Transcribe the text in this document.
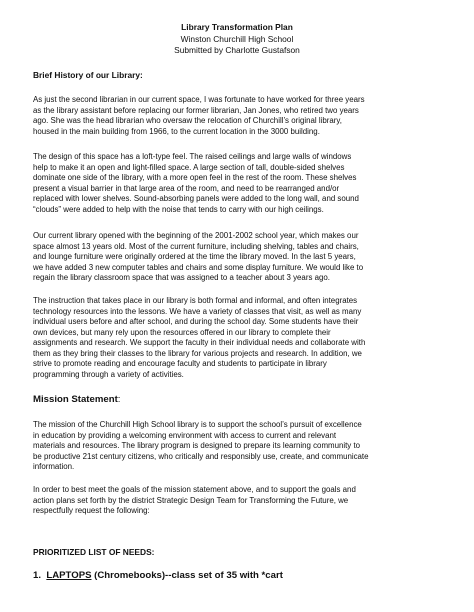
Library Transformation Plan
Winston Churchill High School
Submitted by Charlotte Gustafson
Brief History of our Library:
As just the second librarian in our current space, I was fortunate to have worked for three years
as the library assistant before replacing our former librarian, Jan Jones, who retired two years
ago. She was the head librarian who oversaw the relocation of Churchill’s original library,
housed in the main building from 1966, to the current location in the 3000 building.
The design of this space has a loft-type feel. The raised ceilings and large walls of windows
help to make it an open and light-filled space. A large section of tall, double-sided shelves
dominate one side of the library, with a more open feel in the rest of the room. These shelves
present a visual barrier in that large area of the room, and need to be rearranged and/or
replaced with lower shelves. Sound-absorbing panels were added to the long wall, and sound
“clouds” were added to help with the noise that tends to carry with our high ceilings.
Our current library opened with the beginning of the 2001-2002 school year, which makes our
space almost 13 years old. Most of the current furniture, including shelving, tables and chairs,
and lounge furniture were originally ordered at the time the library moved. In the last 5 years,
we have added 3 new computer tables and chairs and some display furniture. We would like to
regain the library classroom space that was assigned to a teacher about 3 years ago.
The instruction that takes place in our library is both formal and informal, and often integrates
technology resources into the lessons. We have a variety of classes that visit, as well as many
individual users before and after school, and during the school day. Some students have their
own devices, but many rely upon the resources offered in our library to complete their
assignments and research. We support the faculty in their individual needs and collaborate with
them as they bring their classes to the library for various projects and research. In addition, we
strive to promote reading and encourage faculty and students to participate in library
programming through a variety of activities.
Mission Statement:
The mission of the Churchill High School library is to support the school’s pursuit of excellence
in education by providing a welcoming environment with access to current and relevant
materials and resources. The library program is designed to prepare its learning community to
be productive 21st century citizens, who critically and responsibly use, create, and communicate
information.
In order to best meet the goals of the mission statement above, and to support the goals and
action plans set forth by the district Strategic Design Team for Transforming the Future, we
respectfully request the following:
PRIORITIZED LIST OF NEEDS:
1. LAPTOPS (Chromebooks)--class set of 35 with *cart
